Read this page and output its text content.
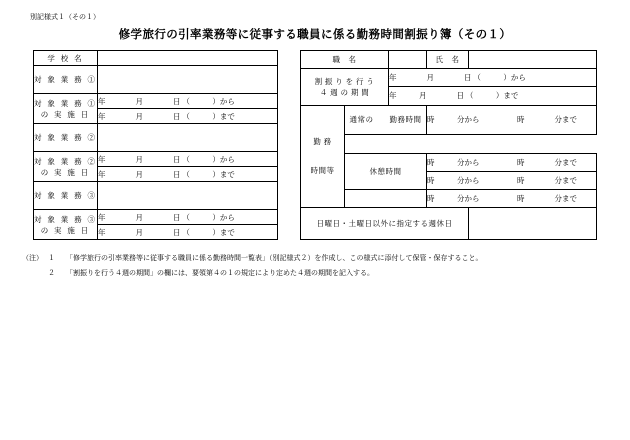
別記様式１（その１）
修学旅行の引率業務等に従事する職員に係る勤務時間割振り簿（その１）
学 校 名	
対 象 業 務 ①	

対 象 業 務 ①
の 実 施 日	年　　　　月　　　　日 （　　　）から
	年　　　　月　　　　日 （　　　）まで
対 象 業 務 ②	

対 象 業 務 ②
の 実 施 日	年　　　　月　　　　日 （　　　）から
	年　　　　月　　　　日 （　　　）まで
対 象 業 務 ③	

対 象 業 務 ③
の 実 施 日	年　　　　月　　　　日 （　　　）から
	年　　　　月　　　　日 （　　　）まで
職　名			氏　名	

割 振 り を 行 う
４ 週 の 期 間		年　　　　月　　　　日 （　　　）から		
		年　　　月　　　　日 （　　　）まで		

勤 務
時間等	通常の　　勤務時間		時　　　分から　　　　　時　　　　分まで	

	休憩時間		時　　　分から　　　　　時　　　　分まで	
			時　　　分から　　　　　時　　　　分まで	
			時　　　分から　　　　　時　　　　分まで	
日曜日・土曜日以外に指定する週休日				
（注） １	「修学旅行の引率業務等に従事する職員に係る勤務時間一覧表」（別記様式２）を作成し、この様式に添付して保管・保存すること。
２	「割振りを行う４週の期間」の欄には、要領第４の１の規定により定めた４週の期間を記入する。
